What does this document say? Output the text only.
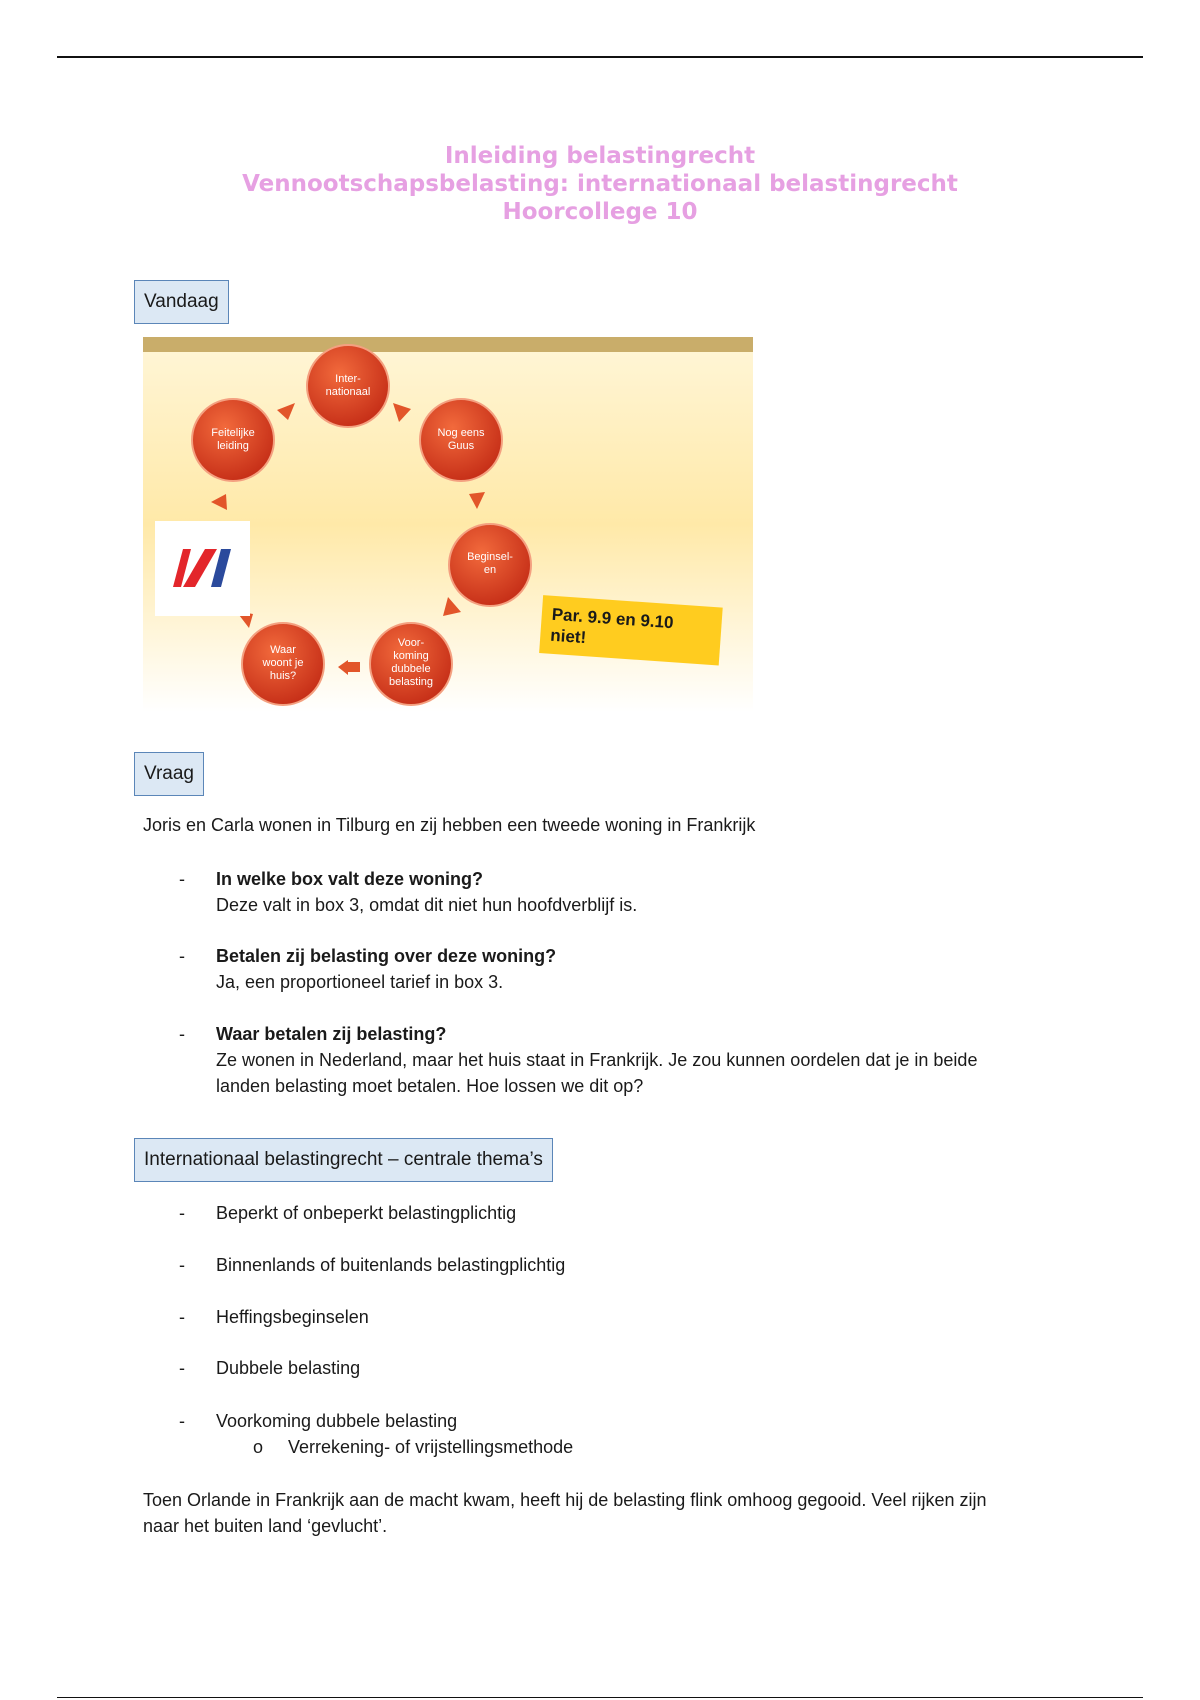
Inleiding belastingrecht
Vennootschapsbelasting: internationaal belastingrecht
Hoorcollege 10
Vandaag
Inter-
nationaal
Nog eens
Guus
Beginsel-
en
Voor-
koming
dubbele
belasting
Waar
woont je
huis?
Feitelijke
leiding
Par. 9.9 en 9.10
niet!
Vraag
Joris en Carla wonen in Tilburg en zij hebben een tweede woning in Frankrijk
- In welke box valt deze woning?
Deze valt in box 3, omdat dit niet hun hoofdverblijf is.
- Betalen zij belasting over deze woning?
Ja, een proportioneel tarief in box 3.
- Waar betalen zij belasting?
Ze wonen in Nederland, maar het huis staat in Frankrijk. Je zou kunnen oordelen dat je in beide
landen belasting moet betalen. Hoe lossen we dit op?
Internationaal belastingrecht – centrale thema’s
- Beperkt of onbeperkt belastingplichtig
- Binnenlands of buitenlands belastingplichtig
- Heffingsbeginselen
- Dubbele belasting
- Voorkoming dubbele belasting
o Verrekening- of vrijstellingsmethode
Toen Orlande in Frankrijk aan de macht kwam, heeft hij de belasting flink omhoog gegooid. Veel rijken zijn
naar het buiten land ‘gevlucht’.
